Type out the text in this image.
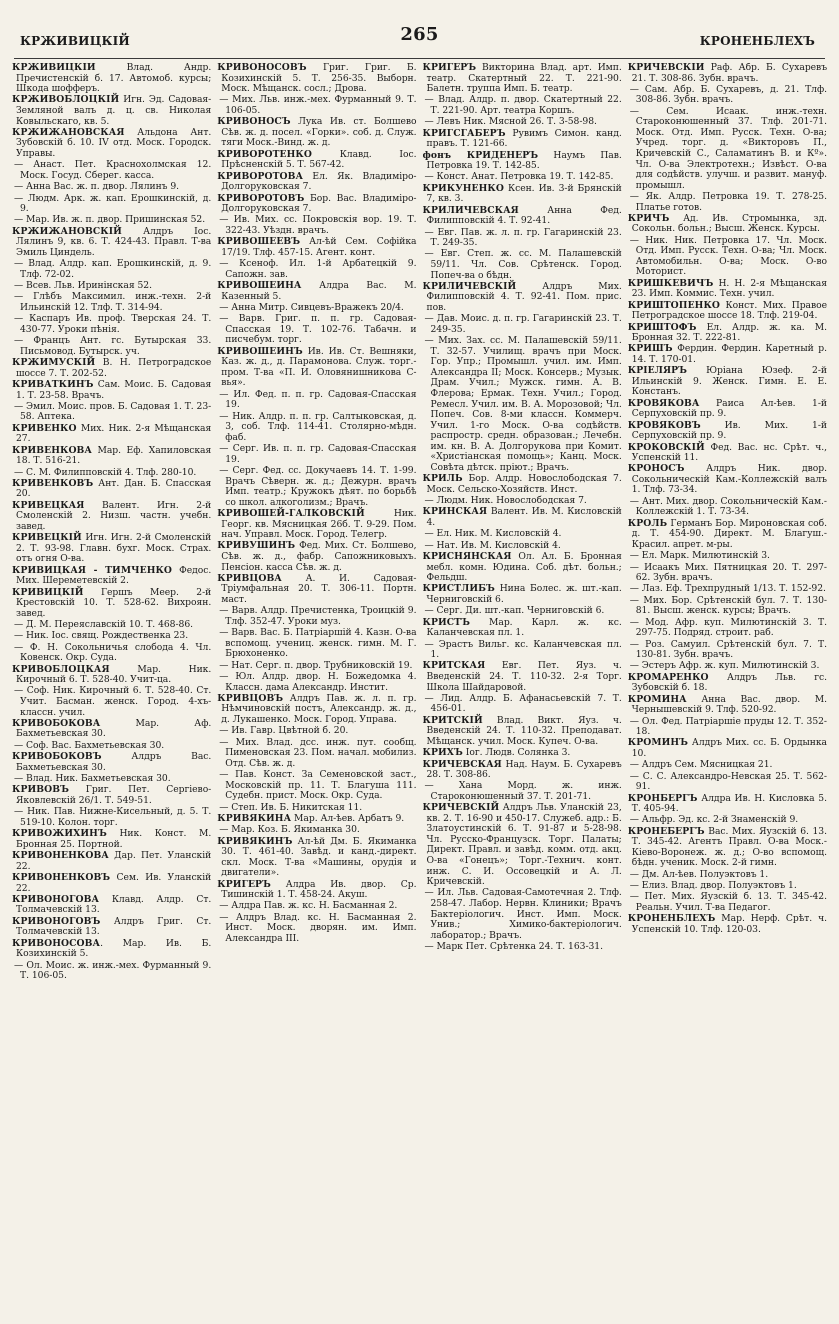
КРЖИВИЦКІЙ	265	КРОНЕНБЛЕХЪ

КРЖИВИЦКІЙ Влад. Андр. Пречистенскій б. 17. Автомоб. курсы; Шкода шофферъ.

КРЖИВОБЛОЦКІЙ Игн. Эд. Садовая-Земляной валъ д. ц. св. Николая Ковыльскаго, кв. 5.

КРЖИЖАНОВСКАЯ Альдона Ант. Зубовскій б. 10. ІV отд. Моск. Городск. Управы.

— Анаст. Пет. Краснохолмская 12. Моск. Госуд. Сберег. касса.

— Анна Вас. ж. п. двор. Лялинъ 9.

— Людм. Арк. ж. кап. Ерошкинскій, д. 9.

— Мар. Ив. ж. п. двор. Пришинская 52.

КРЖИЖАНОВСКІЙ Алдръ Іос. Лялинъ 9, кв. 6. Т. 424-43. Правл. Т-ва Эмиль Циндель.

— Влад. Алдр. кап. Ерошкинскій, д. 9. Тлф. 72-02.

— Всев. Льв. Иринінская 52.

— Глѣбъ Максимил. инж.-техн. 2-й Ильинскій 12. Тлф. Т. 314-94.

— Каспаръ Ив. проф. Тверская 24. Т. 430-77. Уроки пѣнія.

— Францъ Ант. гс. Бутырская 33. Письмовод. Бутырск. уч.

КРЖИМУСКІЙ В. Н. Петроградское шоссе 7. Т. 202-52.

КРИВАТКИНЪ Сам. Моис. Б. Садовая 1. Т. 23-58. Врачъ.

— Эмил. Моис. пров. Б. Садовая 1. Т. 23-58. Аптека.

КРИВЕНКО Мих. Ник. 2-я Мѣщанская 27.

КРИВЕНКОВА Мар. Еф. Хапиловская 18. Т. 516-21.

— С. М. Филипповскій 4. Тлф. 280-10.

КРИВЕНКОВЪ Ант. Дан. Б. Спасская 20.

КРИВЕЦКАЯ Валент. Игн. 2-й Смоленскій 2. Низш. частн. учебн. завед.

КРИВЕЦКІЙ Игн. Игн. 2-й Смоленскій 2. Т. 93-98. Главн. бухг. Моск. Страх. отъ огня О-ва.

КРИВИЦКАЯ - ТИМЧЕНКО Федос. Мих. Шереметевскій 2.

КРИВИЦКІЙ Гершъ Меер. 2-й Крестовскій 10. Т. 528-62. Вихроян. завед.

— Д. М. Переяславскій 10. Т. 468-86.

— Ник. Іос. свящ. Рождественка 23.

— Ф. Н. Сокольничья слобода 4. Чл. Ковенск. Окр. Суда.

КРИВОБЛОЦКАЯ Мар. Ник. Кирочный 6. Т. 528-40. Учит-ца.

— Соф. Ник. Кирочный 6. Т. 528-40. Ст. Учит. Басман. женск. Город. 4-хъ-классн. учил.

КРИВОБОКОВА Мар. Аф. Бахметьевская 30.

— Соф. Вас. Бахметьевская 30.

КРИВОБОКОВЪ Алдръ Вас. Бахметьевская 30.

— Влад. Ник. Бахметьевская 30.

КРИВОВЪ Григ. Пет. Сергіево-Яковлевскій 26/1. Т. 549-51.

— Ник. Пав. Нижне-Кисельный, д. 5. Т. 519-10. Колон. торг.

КРИВОЖИХИНЪ Ник. Конст. М. Бронная 25. Портной.

КРИВОНЕНКОВА Дар. Пет. Уланскій 22.

КРИВОНЕНКОВЪ Сем. Ив. Уланскій 22.

КРИВОНОГОВА Клавд. Алдр. Ст. Толмачевскій 13.

КРИВОНОГОВЪ Алдръ Григ. Ст. Толмачевскій 13.

КРИВОНОСОВА. Мар. Ив. Б. Козихинскій 5.

— Ол. Моис. ж. инж.-мех. Фурманный 9. Т. 106-05.

КРИВОНОСОВЪ Григ. Григ. Б. Козихинскій 5. Т. 256-35. Выборн. Моск. Мѣщанск. сосл.; Дрова.

— Мих. Льв. инж.-мех. Фурманный 9. Т. 106-05.

КРИВОНОСЪ Лука Ив. ст. Болшево Сѣв. ж. д. посел. «Горки». соб. д. Служ. тяги Моск.-Винд. ж. д.

КРИВОРОТЕНКО Клавд. Іос. Прѣсненскій 5. Т. 567-42.

КРИВОРОТОВА Ел. Як. Владиміро-Долгоруковская 7.

КРИВОРОТОВЪ Бор. Вас. Владиміро-Долгоруковская 7.

— Ив. Мих. сс. Покровскія вор. 19. Т. 322-43. Уѣздн. врачъ.

КРИВОШЕЕВЪ Ал-ѣй Сем. Софійка 17/19. Тлф. 457-15. Агент. конт.

— Ксеноф. Ил. 1-й Арбатецкій 9. Сапожн. зав.

КРИВОШЕИНА Алдра Вас. М. Казенный 5.

— Анна Митр. Сивцевъ-Вражекъ 20/4.

— Варв. Григ. п. п. гр. Садовая-Спасская 19. Т. 102-76. Табачн. и писчебум. торг.

КРИВОШЕИНЪ Ив. Ив. Ст. Вешняки, Каз. ж. д., д. Парамонова. Служ. торг.-пром. Т-ва «П. И. Оловянишникова С-вья».

— Ил. Фед. п. п. гр. Садовая-Спасская 19.

— Ник. Алдр. п. п. гр. Салтыковская, д. 3, соб. Тлф. 114-41. Столярно-мѣдн. фаб.

— Серг. Ив. п. п. гр. Садовая-Спасская 19.

— Серг. Фед. сс. Докучаевъ 14. Т. 1-99. Врачъ Сѣверн. ж. д.; Дежурн. врачъ Имп. театр.; Кружокъ дѣят. по борьбѣ со школ. алкоголизм.; Врачъ.

КРИВОШЕЙ-ГАЛКОВСКІЙ Ник. Георг. кв. Мясницкая 26б. Т. 9-29. Пом. нач. Управл. Моск. Город. Телегр.

КРИВУШИНЪ Фед. Мих. Ст. Болшево, Сѣв. ж. д., фабр. Сапожниковыхъ. Пенсіон. касса Сѣв. ж. д.

КРИВЦОВА А. И. Садовая-Тріумфальная 20. Т. 306-11. Портн. маст.

— Варв. Алдр. Пречистенка, Троицкій 9. Тлф. 352-47. Уроки муз.

— Варв. Вас. Б. Патріаршій 4. Казн. О-ва вспомощ. учениц. женск. гимн. М. Г. Брюхоненко.

— Нат. Серг. п. двор. Трубниковскій 19.

— Юл. Алдр. двор. Н. Божедомка 4. Классн. дама Александр. Инстит.

КРИВЦОВЪ Алдръ Пав. ж. л. п. гр. Нѣмчиновскій постъ, Александр. ж. д., д. Лукашенко. Моск. Город. Управа.

— Ив. Гавр. Цвѣтной б. 20.

— Мих. Влад. дсс. инж. пут. сообщ. Пименовская 23. Пом. начал. мобилиз. Отд. Сѣв. ж. д.

— Пав. Конст. За Семеновской заст., Московскій пр. 11. Т. Благуша 111. Судебн. прист. Моск. Окр. Суда.

— Степ. Ив. Б. Никитская 11.

КРИВЯКИНА Мар. Ал-ѣев. Арбатъ 9.

— Мар. Коз. Б. Якиманка 30.

КРИВЯКИНЪ Ал-ѣй Дм. Б. Якиманка 30. Т. 461-40. Завѣд. и канд.-директ. скл. Моск. Т-ва «Машины, орудія и двигатели».

КРИГЕРЪ Алдра Ив. двор. Ср. Тишинскій 1. Т. 458-24. Акуш.

— Алдра Пав. ж. кс. Н. Басманная 2.

— Алдръ Влад. кс. Н. Басманная 2. Инст. Моск. дворян. им. Имп. Александра III.

КРИГЕРЪ Викторина Влад. арт. Имп. театр. Скатертный 22. Т. 221-90. Балетн. труппа Имп. Б. театр.

— Влад. Алдр. п. двор. Скатертный 22. Т. 221-90. Арт. театра Коршъ.

— Левъ Ник. Мясной 26. Т. 3-58-98.

КРИГСГАБЕРЪ Рувимъ Симон. канд. правъ. Т. 121-66.

фонъ КРИДЕНЕРЪ Наумъ Пав. Петровка 19. Т. 142-85.

— Конст. Анат. Петровка 19. Т. 142-85.

КРИКУНЕНКО Ксен. Ив. 3-й Брянскій 7, кв. 3.

КРИЛИЧЕВСКАЯ Анна Фед. Филипповскій 4. Т. 92-41.

— Евг. Пав. ж. л. п. гр. Гагаринскій 23. Т. 249-35.

— Евг. Степ. ж. сс. М. Палашевскій 59/11. Чл. Сов. Срѣтенск. Город. Попеч-ва о бѣдн.

КРИЛИЧЕВСКІЙ Алдръ Мих. Филипповскій 4. Т. 92-41. Пом. прис. пов.

— Дав. Моис. д. п. гр. Гагаринскій 23. Т. 249-35.

— Мих. Зах. сс. М. Палашевскій 59/11. Т. 32-57. Училищ. врачъ при Моск. Гор. Упр.; Промышл. учил. им. Имп. Александра II; Моск. Консерв.; Музык. Драм. Учил.; Мужск. гимн. А. В. Флерова; Ермак. Техн. Учил.; Город. Ремесл. Учил. им. В. А. Морозовой; Чл. Попеч. Сов. 8-ми классн. Коммерч. Учил. 1-го Моск. О-ва содѣйств. распростр. средн. образован.; Лечебн. им. кн. В. А. Долгорукова при Комит. «Христіанская помощь»; Канц. Моск. Совѣта дѣтск. пріют.; Врачъ.

КРИЛЬ Бор. Алдр. Новослободская 7. Моск. Сельско-Хозяйств. Инст.

— Людм. Ник. Новослободская 7.

КРИНСКАЯ Валент. Ив. М. Кисловскій 4.

— Ел. Ник. М. Кисловскій 4.

— Нат. Ив. М. Кисловскій 4.

КРИСНЯНСКАЯ Ол. Ал. Б. Бронная мебл. комн. Юдина. Соб. дѣт. больн.; Фельдш.

КРИСТЛИБЪ Нина Болес. ж. шт.-кап. Черниговскій 6.

— Серг. Ди. шт.-кап. Черниговскій 6.

КРИСТЪ Мар. Карл. ж. кс. Каланчевская пл. 1.

— Эрастъ Вильг. кс. Каланчевская пл. 1.

КРИТСКАЯ Евг. Пет. Яуз. ч. Введенскій 24. Т. 110-32. 2-я Торг. Школа Шайдаровой.

— Лид. Алдр. Б. Афанасьевскій 7. Т. 456-01.

КРИТСКІЙ Влад. Викт. Яуз. ч. Введенскій 24. Т. 110-32. Преподават. Мѣщанск. учил. Моск. Купеч. О-ва.

КРИХЪ Іог. Людв. Солянка 3.

КРИЧЕВСКАЯ Над. Наум. Б. Сухаревъ 28. Т. 308-86.

— Хана Морд. ж. инж. Староконюшенный 37. Т. 201-71.

КРИЧЕВСКІЙ Алдръ Льв. Уланскій 23, кв. 2. Т. 16-90 и 450-17. Служеб. адр.: Б. Златоустинскій 6. Т. 91-87 и 5-28-98. Чл. Русско-Французск. Торг. Палаты; Директ. Правл. и завѣд. комм. отд. акц. О-ва «Гонецъ»; Торг.-Технич. конт. инж. С. И. Оссовецкій и А. Л. Кричевскій.

— Ил. Льв. Садовая-Самотечная 2. Тлф. 258-47. Лабор. Нервн. Клиники; Врачъ Бактеріологич. Инст. Имп. Моск. Унив.; Химико-бактеріологич. лаборатор.; Врачъ.

— Марк Пет. Срѣтенка 24. Т. 163-31.

КРИЧЕВСКІЙ Раф. Абр. Б. Сухаревъ 21. Т. 308-86. Зубн. врачъ.

— Сам. Абр. Б. Сухаревъ, д. 21. Тлф. 308-86. Зубн. врачъ.

— Сем. Исаак. инж.-техн. Староконюшенный 37. Тлф. 201-71. Моск. Отд. Имп. Русск. Техн. О-ва; Учред. торг. д. «Викторовъ П., Кричевскій С., Саламатинъ В. и Кº». Чл. О-ва Электротехн.; Извѣст. О-ва для содѣйств. улучш. и развит. мануф. промышл.

— Як. Алдр. Петровка 19. Т. 278-25. Платье готов.

КРИЧЪ Ад. Ив. Стромынка, зд. Сокольн. больн.; Высш. Женск. Курсы.

— Ник. Ник. Петровка 17. Чл. Моск. Отд. Имп. Русск. Техн. О-ва; Чл. Моск. Автомобильн. О-ва; Моск. О-во Моторист.

КРИШКЕВИЧЪ Н. Н. 2-я Мѣщанская 23. Имп. Коммис. Техн. учил.

КРИШТОПЕНКО Конст. Мих. Правое Петроградское шоссе 18. Тлф. 219-04.

КРИШТОФЪ Ел. Алдр. ж. ка. М. Бронная 32. Т. 222-81.

КРИШЪ Фердин. Фердин. Каретный р. 14. Т. 170-01.

КРІЕЛЯРЪ Юріана Юзеф. 2-й Ильинскій 9. Женск. Гимн. Е. Е. Констанъ.

КРОВЯКОВА Раиса Ал-ѣев. 1-й Серпуховскій пр. 9.

КРОВЯКОВЪ Ив. Мих. 1-й Серпуховскій пр. 9.

КРОКОВСКІЙ Фед. Вас. нс. Срѣт. ч., Успенскій 11.

КРОНОСЪ Алдръ Ник. двор. Сокольническій Кам.-Коллежскій валъ 1. Тлф. 73-34.

— Ант. Мих. двор. Сокольническій Кам.-Коллежскій 1. Т. 73-34.

КРОЛЬ Германъ Бор. Мироновская соб. д. Т. 454-90. Директ. М. Благуш.-Красил. апрет. м-ры.

— Ел. Марк. Милютинскій 3.

— Исаакъ Мих. Пятницкая 20. Т. 297-62. Зубн. врачъ.

— Лаз. Еф. Трехпрудный 1/13. Т. 152-92.

— Мих. Бор. Срѣтенскій бул. 7. Т. 130-81. Высш. женск. курсы; Врачъ.

— Мод. Афр. куп. Милютинскій 3. Т. 297-75. Подряд. строит. раб.

— Роз. Самуил. Срѣтенскій бул. 7. Т. 130-81. Зубн. врачъ.

— Эстеръ Афр. ж. куп. Милютинскій 3.

КРОМАРЕНКО Алдръ Льв. гс. Зубовскій б. 18.

КРОМИНА Анна Вас. двор. М. Чернышевскій 9. Тлф. 520-92.

— Ол. Фед. Патріаршіе пруды 12. Т. 352-18.

КРОМИНЪ Алдръ Мих. сс. Б. Ордынка 10.

— Алдръ Сем. Мясницкая 21.

— С. С. Александро-Невская 25. Т. 562-91.

КРОНБЕРГЪ Алдра Ив. Н. Кисловка 5. Т. 405-94.

— Альфр. Эд. кс. 2-й Знаменскій 9.

КРОНЕБЕРГЪ Вас. Мих. Яузскій 6. 13. Т. 345-42. Агентъ Правл. О-ва Моск.-Кіево-Воронеж. ж. д.; О-во вспомощ. бѣдн. ученик. Моск. 2-й гимн.

— Дм. Ал-ѣев. Полуэктовъ 1.

— Елиз. Влад. двор. Полуэктовъ 1.

— Пет. Мих. Яузскій б. 13. Т. 345-42. Реальн. Учил. Т-ва Педагог.

КРОНЕНБЛЕХЪ Мар. Нерф. Срѣт. ч. Успенскій 10. Тлф. 120-03.
